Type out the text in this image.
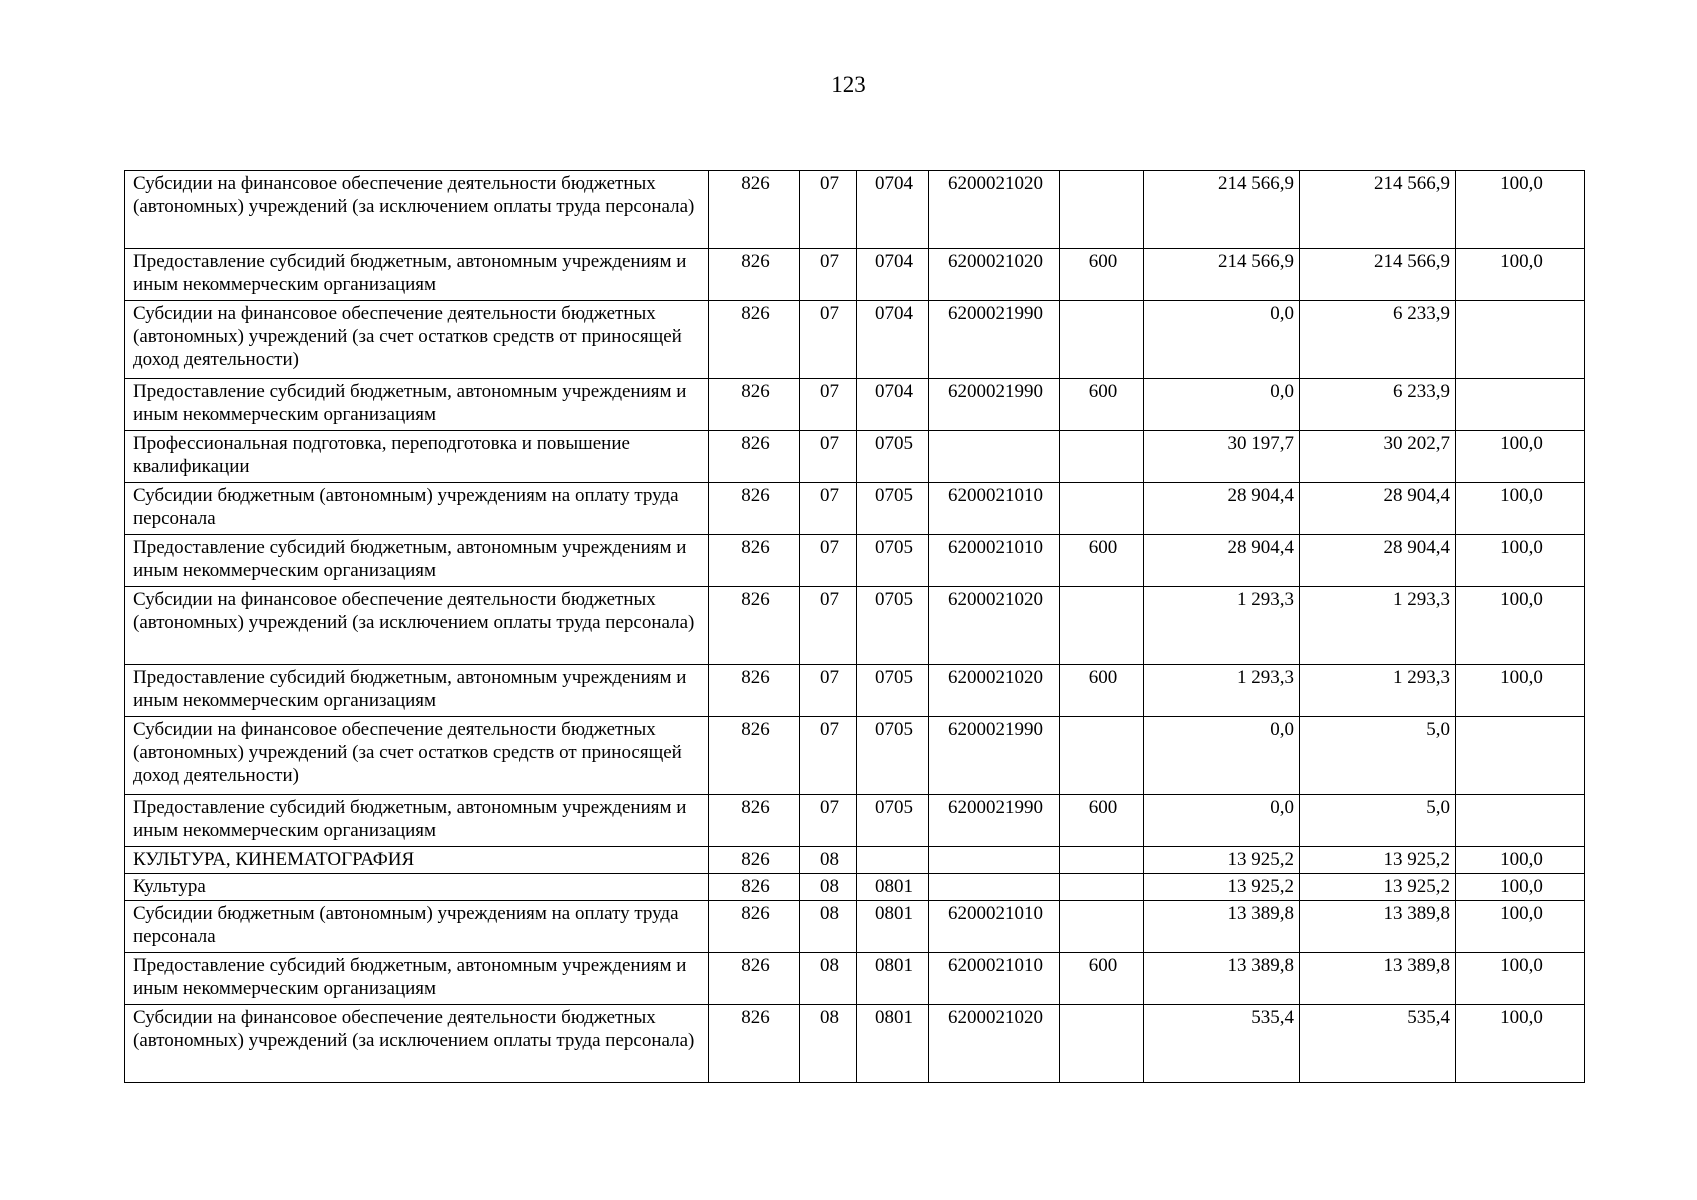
123
Субсидии на финансовое обеспечение деятельности бюджетных (автономных) учреждений (за исключением оплаты труда персонала)	826	07	0704	6200021020		214 566,9	214 566,9	100,0
Предоставление субсидий бюджетным, автономным учреждениям и иным некоммерческим организациям	826	07	0704	6200021020	600	214 566,9	214 566,9	100,0
Субсидии на финансовое обеспечение деятельности бюджетных (автономных) учреждений (за счет остатков средств от приносящей доход деятельности)	826	07	0704	6200021990		0,0	6 233,9	
Предоставление субсидий бюджетным, автономным учреждениям и иным некоммерческим организациям	826	07	0704	6200021990	600	0,0	6 233,9	
Профессиональная подготовка, переподготовка и повышение квалификации	826	07	0705			30 197,7	30 202,7	100,0
Субсидии бюджетным (автономным) учреждениям на оплату труда персонала	826	07	0705	6200021010		28 904,4	28 904,4	100,0
Предоставление субсидий бюджетным, автономным учреждениям и иным некоммерческим организациям	826	07	0705	6200021010	600	28 904,4	28 904,4	100,0
Субсидии на финансовое обеспечение деятельности бюджетных (автономных) учреждений (за исключением оплаты труда персонала)	826	07	0705	6200021020		1 293,3	1 293,3	100,0
Предоставление субсидий бюджетным, автономным учреждениям и иным некоммерческим организациям	826	07	0705	6200021020	600	1 293,3	1 293,3	100,0
Субсидии на финансовое обеспечение деятельности бюджетных (автономных) учреждений (за счет остатков средств от приносящей доход деятельности)	826	07	0705	6200021990		0,0	5,0	
Предоставление субсидий бюджетным, автономным учреждениям и иным некоммерческим организациям	826	07	0705	6200021990	600	0,0	5,0	
КУЛЬТУРА, КИНЕМАТОГРАФИЯ	826	08				13 925,2	13 925,2	100,0
Культура	826	08	0801			13 925,2	13 925,2	100,0
Субсидии бюджетным (автономным) учреждениям на оплату труда персонала	826	08	0801	6200021010		13 389,8	13 389,8	100,0
Предоставление субсидий бюджетным, автономным учреждениям и иным некоммерческим организациям	826	08	0801	6200021010	600	13 389,8	13 389,8	100,0
Субсидии на финансовое обеспечение деятельности бюджетных (автономных) учреждений (за исключением оплаты труда персонала)	826	08	0801	6200021020		535,4	535,4	100,0
